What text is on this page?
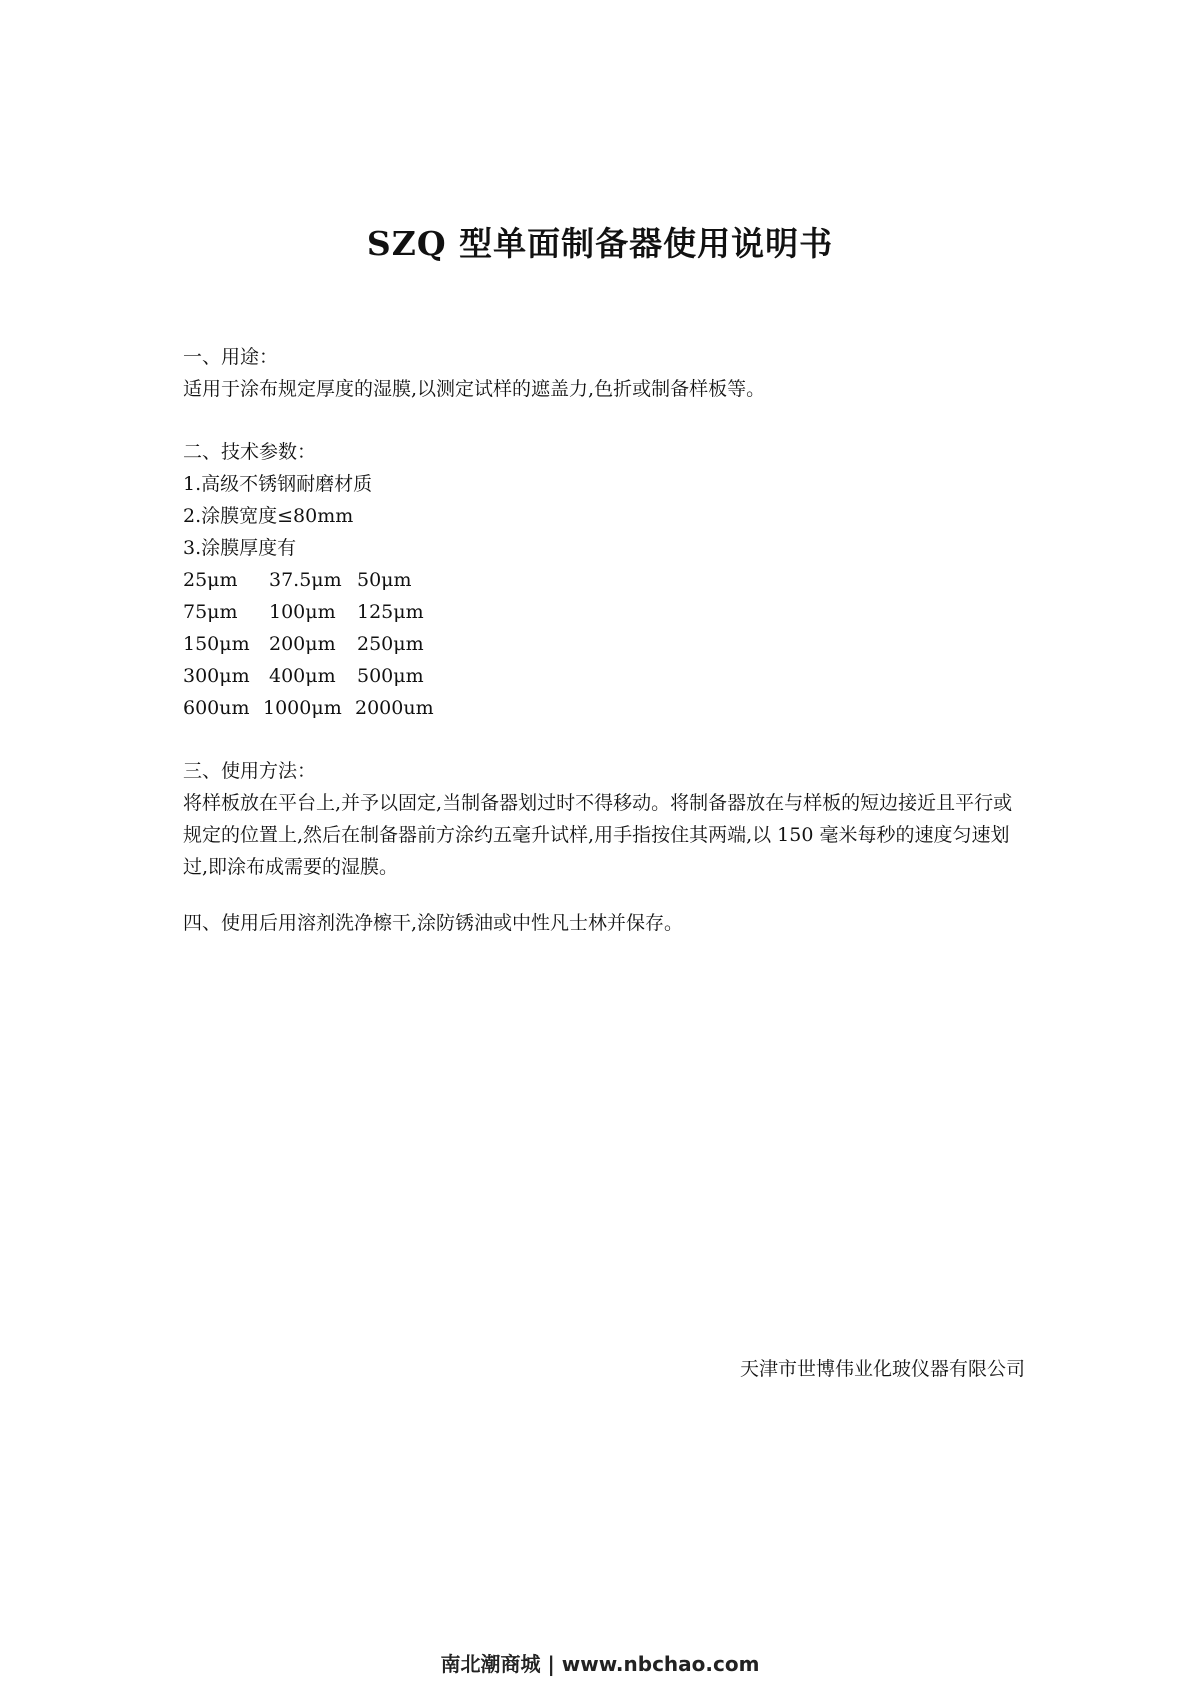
SZQ 型单面制备器使用说明书

一、用途：

适用于涂布规定厚度的湿膜,以测定试样的遮盖力,色折或制备样板等。

二、技术参数：

1.高级不锈钢耐磨材质

2.涂膜宽度≤80mm

3.涂膜厚度有

25μm 37.5μm 50μm
75μm 100μm 125μm
150μm 200μm 250μm
300μm 400μm 500μm
600um 1000μm 2000um

三、使用方法：

将样板放在平台上,并予以固定,当制备器划过时不得移动。将制备器放在与样板的短边接近且平行或规定的位置上,然后在制备器前方涂约五毫升试样,用手指按住其两端,以 150 毫米每秒的速度匀速划过,即涂布成需要的湿膜。

四、使用后用溶剂洗净檫干,涂防锈油或中性凡士林并保存。

天津市世博伟业化玻仪器有限公司
南北潮商城 | www.nbchao.com
